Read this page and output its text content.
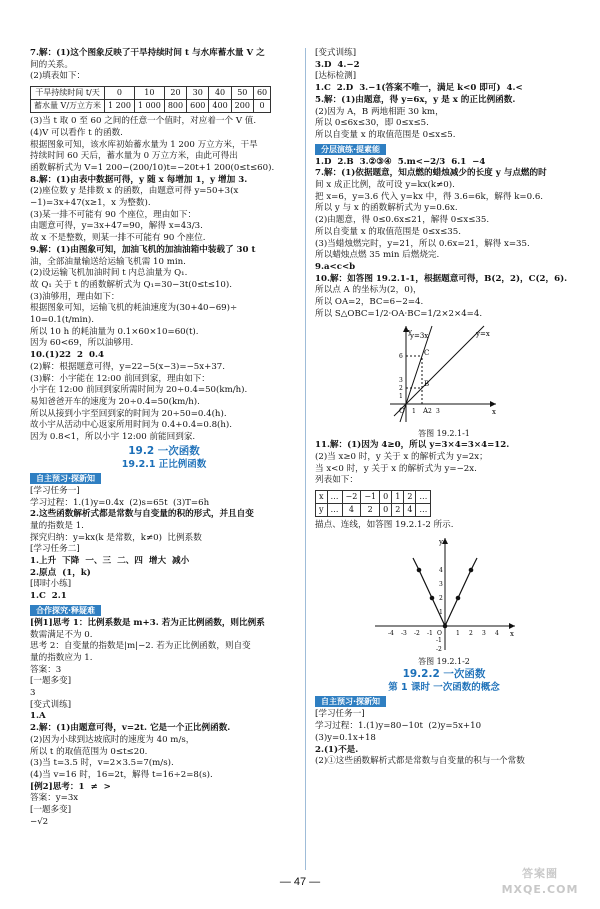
7.解：(1)这个图象反映了干旱持续时间 t 与水库蓄水量 V 之

间的关系。

(2)填表如下：

干旱持续时间 t/天	0	10	20	30	40	50	60
蓄水量 V/万立方米	1 200	1 000	800	600	400	200	0

(3)当 t 取 0 至 60 之间的任意一个值时，对应着一个 V 值.

(4)V 可以看作 t 的函数.

根据图象可知，该水库初始蓄水量为 1 200 万立方米，干旱

持续时间 60 天后，蓄水量为 0 万立方米，由此可得出

函数解析式为 V=1 200−(200/10)t=−20t+1 200(0≤t≤60).

8.解：(1)由表中数据可得，y 随 x 每增加 1，y 增加 3.

(2)座位数 y 是排数 x 的函数，由题意可得 y=50+3(x

−1)=3x+47(x≥1，x 为整数).

(3)某一排不可能有 90 个座位，理由如下：

由题意可得，y=3x+47=90，解得 x=43/3.

故 x 不是整数，则某一排不可能有 90 个座位.

9.解：(1)由图象可知，加油飞机的加油油箱中装载了 30 t

油，全部油量输送给运输飞机需 10 min.

(2)设运输飞机加油时间 t 内总油量为 Q₁.

故 Q₁ 关于 t 的函数解析式为 Q₁=30−3t(0≤t≤10).

(3)油够用，理由如下：

根据图象可知，运输飞机的耗油速度为(30+40−69)÷

10=0.1(t/min).

所以 10 h 的耗油量为 0.1×60×10=60(t).

因为 60<69，所以油够用.

10.(1)22  2  0.4

(2)解：根据题意可得，y=22−5(x−3)=−5x+37.

(3)解：小宇能在 12:00 前回到家，理由如下：

小宇在 12:00 前回到家所需时间为 20÷0.4=50(km/h).

易知爸爸开车的速度为 20÷0.4=50(km/h).

所以从接到小宇至回到家的时间为 20÷50=0.4(h).

故小宇从活动中心返家所用时间为 0.4+0.4=0.8(h).

因为 0.8<1，所以小宇 12:00 前能回到家.

19.2 一次函数
19.2.1 正比例函数
自主预习·探新知

[学习任务一]

学习过程：1.(1)y=0.4x  (2)s=65t  (3)T=6h

2.这些函数解析式都是常数与自变量的积的形式，并且自变

量的指数是 1.

探究归纳：y=kx(k 是常数，k≠0)  比例系数

[学习任务二]

1.上升  下降  一、三  二、四  增大  减小

2.原点  (1，k)

[即时小练]

1.C  2.1

合作探究·释疑难

[例1]思考 1：比例系数是 m+3. 若为正比例函数，则比例系

数需满足不为 0.

思考 2：自变量的指数是|m|−2. 若为正比例函数，则自变

量的指数应为 1.

答案：3

[一题多变]

3

[变式训练]

1.A

2.解：(1)由题意可得，v=2t. 它是一个正比例函数.

(2)因为小球到达坡底时的速度为 40 m/s，

所以 t 的取值范围为 0≤t≤20.

(3)当 t=3.5 时，v=2×3.5=7(m/s).

(4)当 v=16 时，16=2t，解得 t=16÷2=8(s).

[例2]思考：1  ≠  >

答案：y=3x

[一题多变]

−√2

[变式训练]

3.D  4.−2

[达标检测]

1.C  2.D  3.−1(答案不唯一，满足 k<0 即可)  4.<

5.解：(1)由题意，得 y=6x，y 是 x 的正比例函数.

(2)因为 A，B 两地相距 30 km，

所以 0≤6x≤30，即 0≤x≤5.

所以自变量 x 的取值范围是 0≤x≤5.

分层演练·提素能

1.D  2.B  3.②③④  5.m<−2/3  6.1  −4

7.解：(1)依据题意，知点燃的蜡烛减少的长度 y 与点燃的时

间 x 成正比例，故可设 y=kx(k≠0).

把 x=6，y=3.6 代入 y=kx 中，得 3.6=6k，解得 k=0.6.

所以 y 与 x 的函数解析式为 y=0.6x.

(2)由题意，得 0≤0.6x≤21，解得 0≤x≤35.

所以自变量 x 的取值范围是 0≤x≤35.

(3)当蜡烛燃完时，y=21，所以 0.6x=21，解得 x=35.

所以蜡烛点燃 35 min 后燃烧完.

9.a<c<b

10.解：如答图 19.2.1-1，根据题意可得，B(2，2)，C(2，6).

所以点 A 的坐标为(2，0)，

所以 OA=2，BC=6−2=4.

所以 S△OBC=1/2·OA·BC=1/2×2×4=4.

y
y=3x	y=x
x
O	A
B
C
1 2 3
1
2
3
6
答图 19.2.1-1

11.解：(1)因为 4≥0，所以 y=3×4=3×4=12.

(2)当 x≥0 时，y 关于 x 的解析式为 y=2x；

当 x<0 时，y 关于 x 的解析式为 y=−2x.

列表如下：

x	…	−2	−1	0	1	2	…
y	…	4	2	0	2	4	…

描点、连线，如答图 19.2.1-2 所示.

x
y
O
-4 -3 -2 -1	1 2 3 4
1
2
3
4
-1
-2
答图 19.2.1-2
19.2.2 一次函数
第 1 课时 一次函数的概念
自主预习·探新知

[学习任务一]

学习过程：1.(1)y=80−10t  (2)y=5x+10

(3)y=0.1x+18

2.(1)不是.

(2)①这些函数解析式都是常数与自变量的积与一个常数

— 47 —
答案圈
MXQE.COM
